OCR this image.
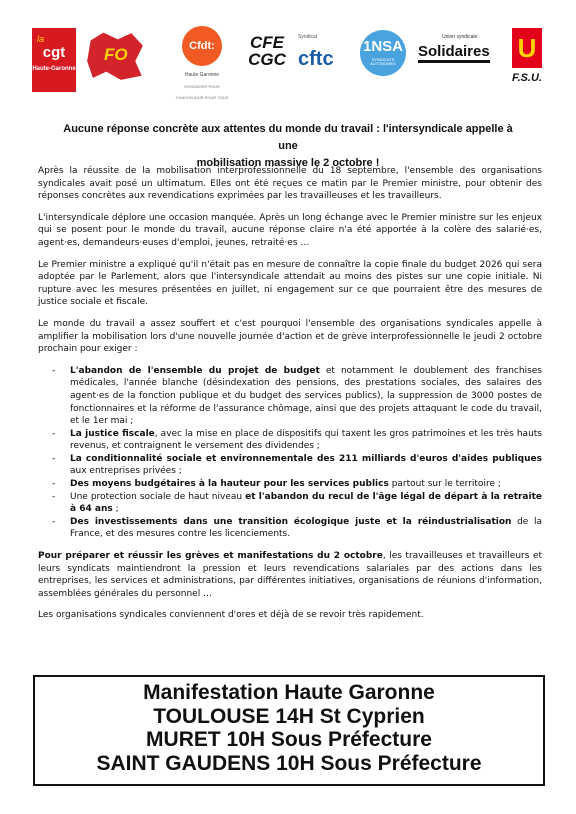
la
cgt
Haute-Garonne
FO	Cfdt:
Haute Garonne
S'ENGAGER POUR
CHACUN AGIR POUR TOUS
CFE
CGC
Syndicat
cftc
1NSA
SYNDICATS AUTONOMES
Union syndicale
Solidaires U
F.S.U.
Aucune réponse concrète aux attentes du monde du travail : l'intersyndicale appelle à une
mobilisation massive le 2 octobre !

Après la réussite de la mobilisation interprofessionnelle du 18 septembre, l'ensemble des organisations syndicales avait posé un ultimatum. Elles ont été reçues ce matin par le Premier ministre, pour obtenir des réponses concrètes aux revendications exprimées par les travailleuses et les travailleurs.

L'intersyndicale déplore une occasion manquée. Après un long échange avec le Premier ministre sur les enjeux qui se posent pour le monde du travail, aucune réponse claire n'a été apportée à la colère des salarié·es, agent·es, demandeurs·euses d'emploi, jeunes, retraité·es …

Le Premier ministre a expliqué qu'il n'était pas en mesure de connaître la copie finale du budget 2026 qui sera adoptée par le Parlement, alors que l'intersyndicale attendait au moins des pistes sur une copie initiale. Ni rupture avec les mesures présentées en juillet, ni engagement sur ce que pourraient être des mesures de justice sociale et fiscale.

Le monde du travail a assez souffert et c'est pourquoi l'ensemble des organisations syndicales appelle à amplifier la mobilisation lors d'une nouvelle journée d'action et de grève interprofessionnelle le jeudi 2 octobre prochain pour exiger :

- L'abandon de l'ensemble du projet de budget et notamment le doublement des franchises médicales, l'année blanche (désindexation des pensions, des prestations sociales, des salaires des agent·es de la fonction publique et du budget des services publics), la suppression de 3000 postes de fonctionnaires et la réforme de l'assurance chômage, ainsi que des projets attaquant le code du travail, et le 1er mai ;
- La justice fiscale, avec la mise en place de dispositifs qui taxent les gros patrimoines et les très hauts revenus, et contraignent le versement des dividendes ;
- La conditionnalité sociale et environnementale des 211 milliards d'euros d'aides publiques aux entreprises privées ;
- Des moyens budgétaires à la hauteur pour les services publics partout sur le territoire ;
- Une protection sociale de haut niveau et l'abandon du recul de l'âge légal de départ à la retraite à 64 ans ;
- Des investissements dans une transition écologique juste et la réindustrialisation de la France, et des mesures contre les licenciements.

Pour préparer et réussir les grèves et manifestations du 2 octobre, les travailleuses et travailleurs et leurs syndicats maintiendront la pression et leurs revendications salariales par des actions dans les entreprises, les services et administrations, par différentes initiatives, organisations de réunions d'information, assemblées générales du personnel …

Les organisations syndicales conviennent d'ores et déjà de se revoir très rapidement.

Manifestation Haute Garonne
TOULOUSE 14H St Cyprien
MURET 10H Sous Préfecture
SAINT GAUDENS 10H Sous Préfecture
